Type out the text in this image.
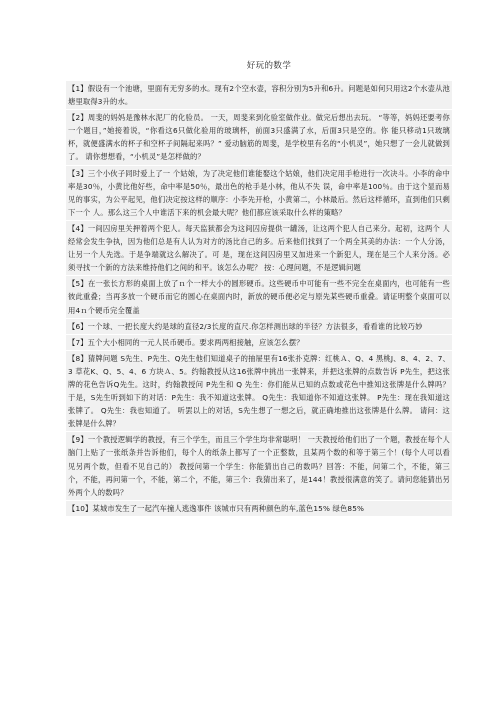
好玩的数学
【1】假设有一个池塘，里面有无穷多的水。现有2个空水壶，容积分别为5升和6升。问题是如何只用这2个水壶从池塘里取得3升的水。
【2】周斐的妈妈是豫林水泥厂的化验员。 一天，周斐来到化验室做作业。做完后想出去玩。 “等等，妈妈还要考你一个题目，”她接着说，“你看这6只做化验用的玻璃杯，前面3只盛满了水，后面3只是空的。你 能只移动1只玻璃杯，就便盛满水的杯子和空杯子间隔起来吗？” 爱动脑筋的周斐，是学校里有名的“小机灵”，她只想了一会儿就做到了。 请你想想看，“小机灵”是怎样做的？
【3】三个小伙子同时爱上了一 个姑娘，为了决定他们谁能娶这个姑娘，他们决定用手枪进行一次决斗。小李的命中率是30％，小黄比他好些，命中率是50％，最出色的枪手是小林，他从不失 误，命中率是100％。由于这个显而易见的事实，为公平起见，他们决定按这样的顺序：小李先开枪，小黄第二，小林最后。然后这样循环，直到他们只剩下一个 人。那么这三个人中谁活下来的机会最大呢？他们都应该采取什么样的策略？
【4】一间囚房里关押着两个犯人。每天监狱都会为这间囚房提供一罐汤，让这两个犯人自己来分。起初，这两个 人经常会发生争执，因为他们总是有人认为对方的汤比自己的多。后来他们找到了一个两全其美的办法：一个人分汤，让另一个人先选。于是争端就这么解决了。可 是，现在这间囚房里又加进来一个新犯人，现在是三个人来分汤。必须寻找一个新的方法来维持他们之间的和平。该怎么办呢？ 按：心理问题，不是逻辑问题
【5】在一张长方形的桌面上放了ｎ个一样大小的圆形硬币。这些硬币中可能有一些不完全在桌面内，也可能有一些彼此重叠；当再多放一个硬币而它的圆心在桌面内时，新放的硬币便必定与原先某些硬币重叠。请证明整个桌面可以用4ｎ个硬币完全覆盖
【6】一个球、一把长度大约是球的直径2/3长度的直尺.你怎样测出球的半径？方法很多，看看谁的比较巧妙
【7】五个大小相同的一元人民币硬币。要求两两相接触，应该怎么摆？
【8】猜牌问题 S先生、P先生、Q先生他们知道桌子的抽屉里有16张扑克牌：红桃Ａ、Q、4 黑桃J、8、4、2、7、3 草花K、Q、5、4、6 方块Ａ、5。约翰教授从这16张牌中挑出一张牌来，并把这张牌的点数告诉 P先生，把这张牌的花色告诉Q先生。这时，约翰教授问 P先生和 Q 先生：你们能从已知的点数或花色中推知这张牌是什么牌吗？ 于是，S先生听到如下的对话：P先生：我不知道这张牌。 Q先生：我知道你不知道这张牌。 P先生：现在我知道这张牌了。 Q先生：我也知道了。 听罢以上的对话，S先生想了一想之后，就正确地推出这张牌是什么牌。 请问：这张牌是什么牌？
【9】一个教授逻辑学的教授，有三个学生，而且三个学生均非常聪明！ 一天教授给他们出了一个题，教授在每个人脑门上贴了一张纸条并告诉他们，每个人的纸条上都写了一个正整数，且某两个数的和等于第三个！(每个人可以看见另两个数，但看不见自己的） 教授问第一个学生：你能猜出自己的数吗？回答：不能，问第二个，不能，第三个，不能，再问第一个，不能，第二个，不能，第三个：我猜出来了，是144！教授很满意的笑了。请问您能猜出另外两个人的数吗？
【10】某城市发生了一起汽车撞人逃逸事件 该城市只有两种颜色的车,蓝色15% 绿色85%
